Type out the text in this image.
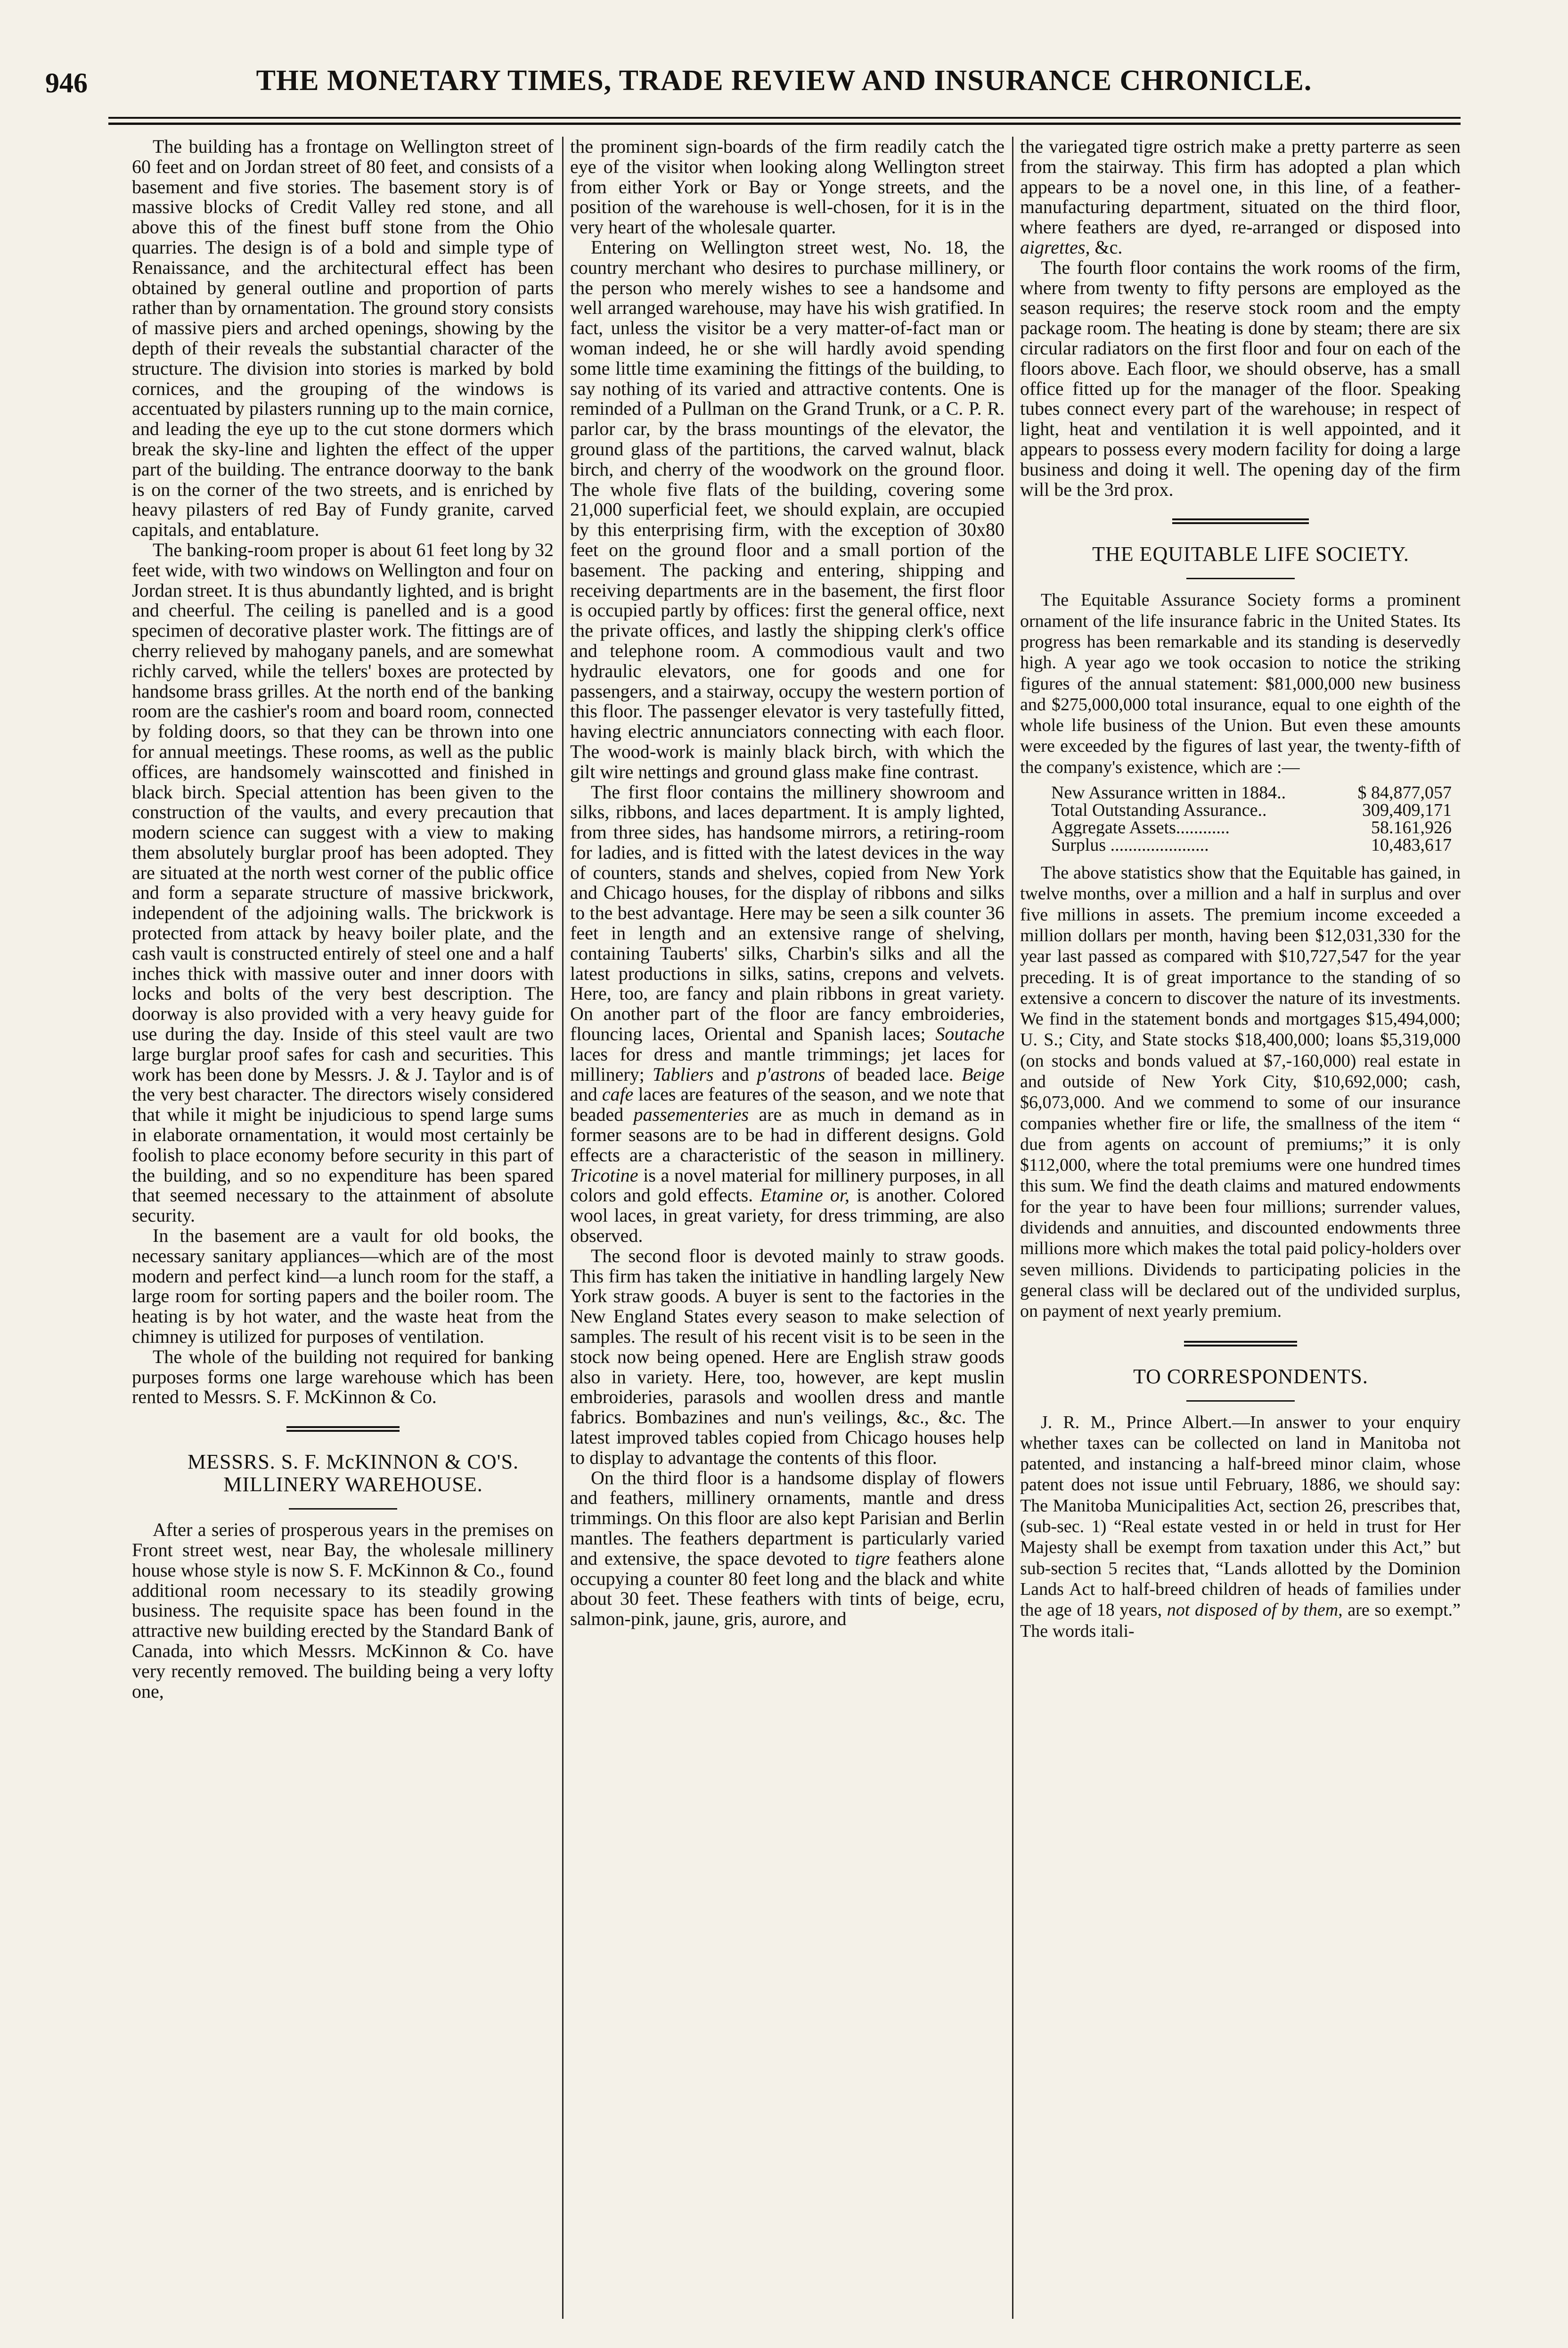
946	THE MONETARY TIMES, TRADE REVIEW AND INSURANCE CHRONICLE.

The building has a frontage on Wellington street of 60 feet and on Jordan street of 80 feet, and consists of a basement and five stories. The basement story is of massive blocks of Credit Valley red stone, and all above this of the finest buff stone from the Ohio quarries. The design is of a bold and simple type of Renaissance, and the architectural effect has been obtained by general outline and proportion of parts rather than by ornamentation. The ground story consists of massive piers and arched openings, showing by the depth of their reveals the substantial character of the structure. The division into stories is marked by bold cornices, and the grouping of the windows is accentuated by pilasters running up to the main cornice, and leading the eye up to the cut stone dormers which break the sky-line and lighten the effect of the upper part of the building. The entrance doorway to the bank is on the corner of the two streets, and is enriched by heavy pilasters of red Bay of Fundy granite, carved capitals, and entablature.

The banking-room proper is about 61 feet long by 32 feet wide, with two windows on Wellington and four on Jordan street. It is thus abundantly lighted, and is bright and cheerful. The ceiling is panelled and is a good specimen of decorative plaster work. The fittings are of cherry relieved by mahogany panels, and are somewhat richly carved, while the tellers' boxes are protected by handsome brass grilles. At the north end of the banking room are the cashier's room and board room, connected by folding doors, so that they can be thrown into one for annual meetings. These rooms, as well as the public offices, are handsomely wainscotted and finished in black birch. Special attention has been given to the construction of the vaults, and every precaution that modern science can suggest with a view to making them absolutely burglar proof has been adopted. They are situated at the north west corner of the public office and form a separate structure of massive brickwork, independent of the adjoining walls. The brickwork is protected from attack by heavy boiler plate, and the cash vault is constructed entirely of steel one and a half inches thick with massive outer and inner doors with locks and bolts of the very best description. The doorway is also provided with a very heavy guide for use during the day. Inside of this steel vault are two large burglar proof safes for cash and securities. This work has been done by Messrs. J. & J. Taylor and is of the very best character. The directors wisely considered that while it might be injudicious to spend large sums in elaborate ornamentation, it would most certainly be foolish to place economy before security in this part of the building, and so no expenditure has been spared that seemed necessary to the attainment of absolute security.

In the basement are a vault for old books, the necessary sanitary appliances—which are of the most modern and perfect kind—a lunch room for the staff, a large room for sorting papers and the boiler room. The heating is by hot water, and the waste heat from the chimney is utilized for purposes of ventilation.

The whole of the building not required for banking purposes forms one large warehouse which has been rented to Messrs. S. F. McKinnon & Co.

MESSRS. S. F. McKINNON & CO'S.

MILLINERY WAREHOUSE.

After a series of prosperous years in the premises on Front street west, near Bay, the wholesale millinery house whose style is now S. F. McKinnon & Co., found additional room necessary to its steadily growing business. The requisite space has been found in the attractive new building erected by the Standard Bank of Canada, into which Messrs. McKinnon & Co. have very recently removed. The building being a very lofty one,

the prominent sign-boards of the firm readily catch the eye of the visitor when looking along Wellington street from either York or Bay or Yonge streets, and the position of the warehouse is well-chosen, for it is in the very heart of the wholesale quarter.

Entering on Wellington street west, No. 18, the country merchant who desires to purchase millinery, or the person who merely wishes to see a handsome and well arranged warehouse, may have his wish gratified. In fact, unless the visitor be a very matter-of-fact man or woman indeed, he or she will hardly avoid spending some little time examining the fittings of the building, to say nothing of its varied and attractive contents. One is reminded of a Pullman on the Grand Trunk, or a C. P. R. parlor car, by the brass mountings of the elevator, the ground glass of the partitions, the carved walnut, black birch, and cherry of the woodwork on the ground floor. The whole five flats of the building, covering some 21,000 superficial feet, we should explain, are occupied by this enterprising firm, with the exception of 30x80 feet on the ground floor and a small portion of the basement. The packing and entering, shipping and receiving departments are in the basement, the first floor is occupied partly by offices: first the general office, next the private offices, and lastly the shipping clerk's office and telephone room. A commodious vault and two hydraulic elevators, one for goods and one for passengers, and a stairway, occupy the western portion of this floor. The passenger elevator is very tastefully fitted, having electric annunciators connecting with each floor. The wood-work is mainly black birch, with which the gilt wire nettings and ground glass make fine contrast.

The first floor contains the millinery showroom and silks, ribbons, and laces department. It is amply lighted, from three sides, has handsome mirrors, a retiring-room for ladies, and is fitted with the latest devices in the way of counters, stands and shelves, copied from New York and Chicago houses, for the display of ribbons and silks to the best advantage. Here may be seen a silk counter 36 feet in length and an extensive range of shelving, containing Tauberts' silks, Charbin's silks and all the latest productions in silks, satins, crepons and velvets. Here, too, are fancy and plain ribbons in great variety. On another part of the floor are fancy embroideries, flouncing laces, Oriental and Spanish laces; Soutache laces for dress and mantle trimmings; jet laces for millinery; Tabliers and p'astrons of beaded lace. Beige and cafe laces are features of the season, and we note that beaded passementeries are as much in demand as in former seasons are to be had in different designs. Gold effects are a characteristic of the season in millinery. Tricotine is a novel material for millinery purposes, in all colors and gold effects. Etamine or, is another. Colored wool laces, in great variety, for dress trimming, are also observed.

The second floor is devoted mainly to straw goods. This firm has taken the initiative in handling largely New York straw goods. A buyer is sent to the factories in the New England States every season to make selection of samples. The result of his recent visit is to be seen in the stock now being opened. Here are English straw goods also in variety. Here, too, however, are kept muslin embroideries, parasols and woollen dress and mantle fabrics. Bombazines and nun's veilings, &c., &c. The latest improved tables copied from Chicago houses help to display to advantage the contents of this floor.

On the third floor is a handsome display of flowers and feathers, millinery ornaments, mantle and dress trimmings. On this floor are also kept Parisian and Berlin mantles. The feathers department is particularly varied and extensive, the space devoted to tigre feathers alone occupying a counter 80 feet long and the black and white about 30 feet. These feathers with tints of beige, ecru, salmon-pink, jaune, gris, aurore, and

the variegated tigre ostrich make a pretty parterre as seen from the stairway. This firm has adopted a plan which appears to be a novel one, in this line, of a feather-manufacturing department, situated on the third floor, where feathers are dyed, re-arranged or disposed into aigrettes, &c.

The fourth floor contains the work rooms of the firm, where from twenty to fifty persons are employed as the season requires; the reserve stock room and the empty package room. The heating is done by steam; there are six circular radiators on the first floor and four on each of the floors above. Each floor, we should observe, has a small office fitted up for the manager of the floor. Speaking tubes connect every part of the warehouse; in respect of light, heat and ventilation it is well appointed, and it appears to possess every modern facility for doing a large business and doing it well. The opening day of the firm will be the 3rd prox.

THE EQUITABLE LIFE SOCIETY.

The Equitable Assurance Society forms a prominent ornament of the life insurance fabric in the United States. Its progress has been remarkable and its standing is deservedly high. A year ago we took occasion to notice the striking figures of the annual statement: $81,000,000 new business and $275,000,000 total insurance, equal to one eighth of the whole life business of the Union. But even these amounts were exceeded by the figures of last year, the twenty-fifth of the company's existence, which are :—

New Assurance written in 1884..	$ 84,877,057
Total Outstanding Assurance..	309,409,171
Aggregate Assets............	58.161,926
Surplus ......................	10,483,617

The above statistics show that the Equitable has gained, in twelve months, over a million and a half in surplus and over five millions in assets. The premium income exceeded a million dollars per month, having been $12,031,330 for the year last passed as compared with $10,727,547 for the year preceding. It is of great importance to the standing of so extensive a concern to discover the nature of its investments. We find in the statement bonds and mortgages $15,494,000; U. S.; City, and State stocks $18,400,000; loans $5,319,000 (on stocks and bonds valued at $7,-160,000) real estate in and outside of New York City, $10,692,000; cash, $6,073,000. And we commend to some of our insurance companies whether fire or life, the smallness of the item “ due from agents on account of premiums;” it is only $112,000, where the total premiums were one hundred times this sum. We find the death claims and matured endowments for the year to have been four millions; surrender values, dividends and annuities, and discounted endowments three millions more which makes the total paid policy-holders over seven millions. Dividends to participating policies in the general class will be declared out of the undivided surplus, on payment of next yearly premium.

TO CORRESPONDENTS.

J. R. M., Prince Albert.—In answer to your enquiry whether taxes can be collected on land in Manitoba not patented, and instancing a half-breed minor claim, whose patent does not issue until February, 1886, we should say: The Manitoba Municipalities Act, section 26, prescribes that, (sub-sec. 1) “Real estate vested in or held in trust for Her Majesty shall be exempt from taxation under this Act,” but sub-section 5 recites that, “Lands allotted by the Dominion Lands Act to half-breed children of heads of families under the age of 18 years, not disposed of by them, are so exempt.” The words itali-
